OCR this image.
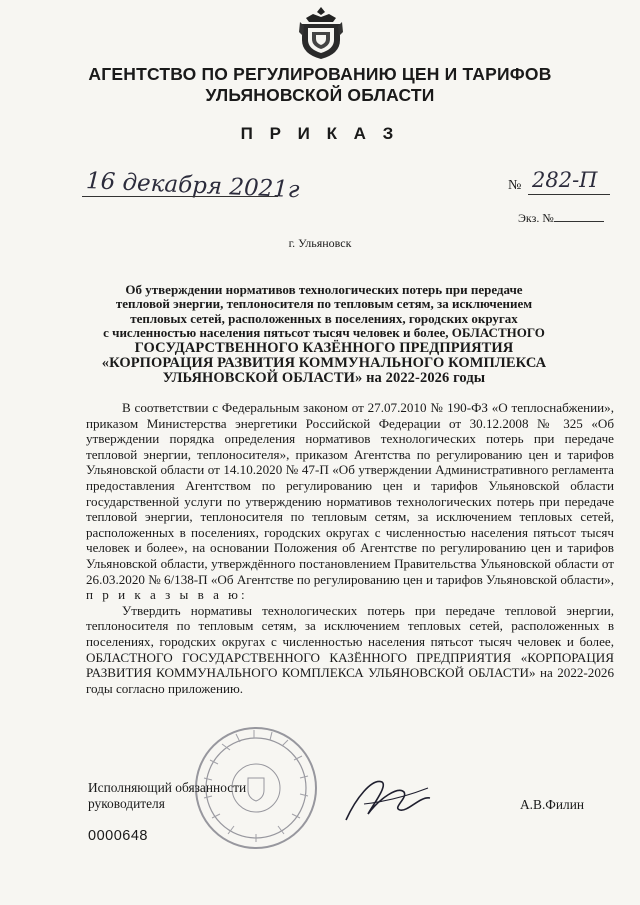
АГЕНТСТВО ПО РЕГУЛИРОВАНИЮ ЦЕН И ТАРИФОВ
УЛЬЯНОВСКОЙ ОБЛАСТИ
П Р И К А З
16 декабря 2021г	№ 282-П
Экз. №
г. Ульяновск
Об утверждении нормативов технологических потерь при передаче
тепловой энергии, теплоносителя по тепловым сетям, за исключением
тепловых сетей, расположенных в поселениях, городских округах
с численностью населения пятьсот тысяч человек и более, ОБЛАСТНОГО
ГОСУДАРСТВЕННОГО КАЗЁННОГО ПРЕДПРИЯТИЯ
«КОРПОРАЦИЯ РАЗВИТИЯ КОММУНАЛЬНОГО КОМПЛЕКСА
УЛЬЯНОВСКОЙ ОБЛАСТИ» на 2022-2026 годы

В соответствии с Федеральным законом от 27.07.2010 № 190-ФЗ «О теплоснабжении», приказом Министерства энергетики Российской Федерации от 30.12.2008 № 325 «Об утверждении порядка определения нормативов технологических потерь при передаче тепловой энергии, теплоносителя», приказом Агентства по регулированию цен и тарифов Ульяновской области от 14.10.2020 № 47-П «Об утверждении Административного регламента предоставления Агентством по регулированию цен и тарифов Ульяновской области государственной услуги по утверждению нормативов технологических потерь при передаче тепловой энергии, теплоносителя по тепловым сетям, за исключением тепловых сетей, расположенных в поселениях, городских округах с численностью населения пятьсот тысяч человек и более», на основании Положения об Агентстве по регулированию цен и тарифов Ульяновской области, утверждённого постановлением Правительства Ульяновской области от 26.03.2020 № 6/138-П «Об Агентстве по регулированию цен и тарифов Ульяновской области»,

п р и к а з ы в а ю:

Утвердить нормативы технологических потерь при передаче тепловой энергии, теплоносителя по тепловым сетям, за исключением тепловых сетей, расположенных в поселениях, городских округах с численностью населения пятьсот тысяч человек и более, ОБЛАСТНОГО ГОСУДАРСТВЕННОГО КАЗЁННОГО ПРЕДПРИЯТИЯ «КОРПОРАЦИЯ РАЗВИТИЯ КОММУНАЛЬНОГО КОМПЛЕКСА УЛЬЯНОВСКОЙ ОБЛАСТИ» на 2022-2026 годы согласно приложению.

Исполняющий обязанности
руководителя	А.В.Филин
0000648
